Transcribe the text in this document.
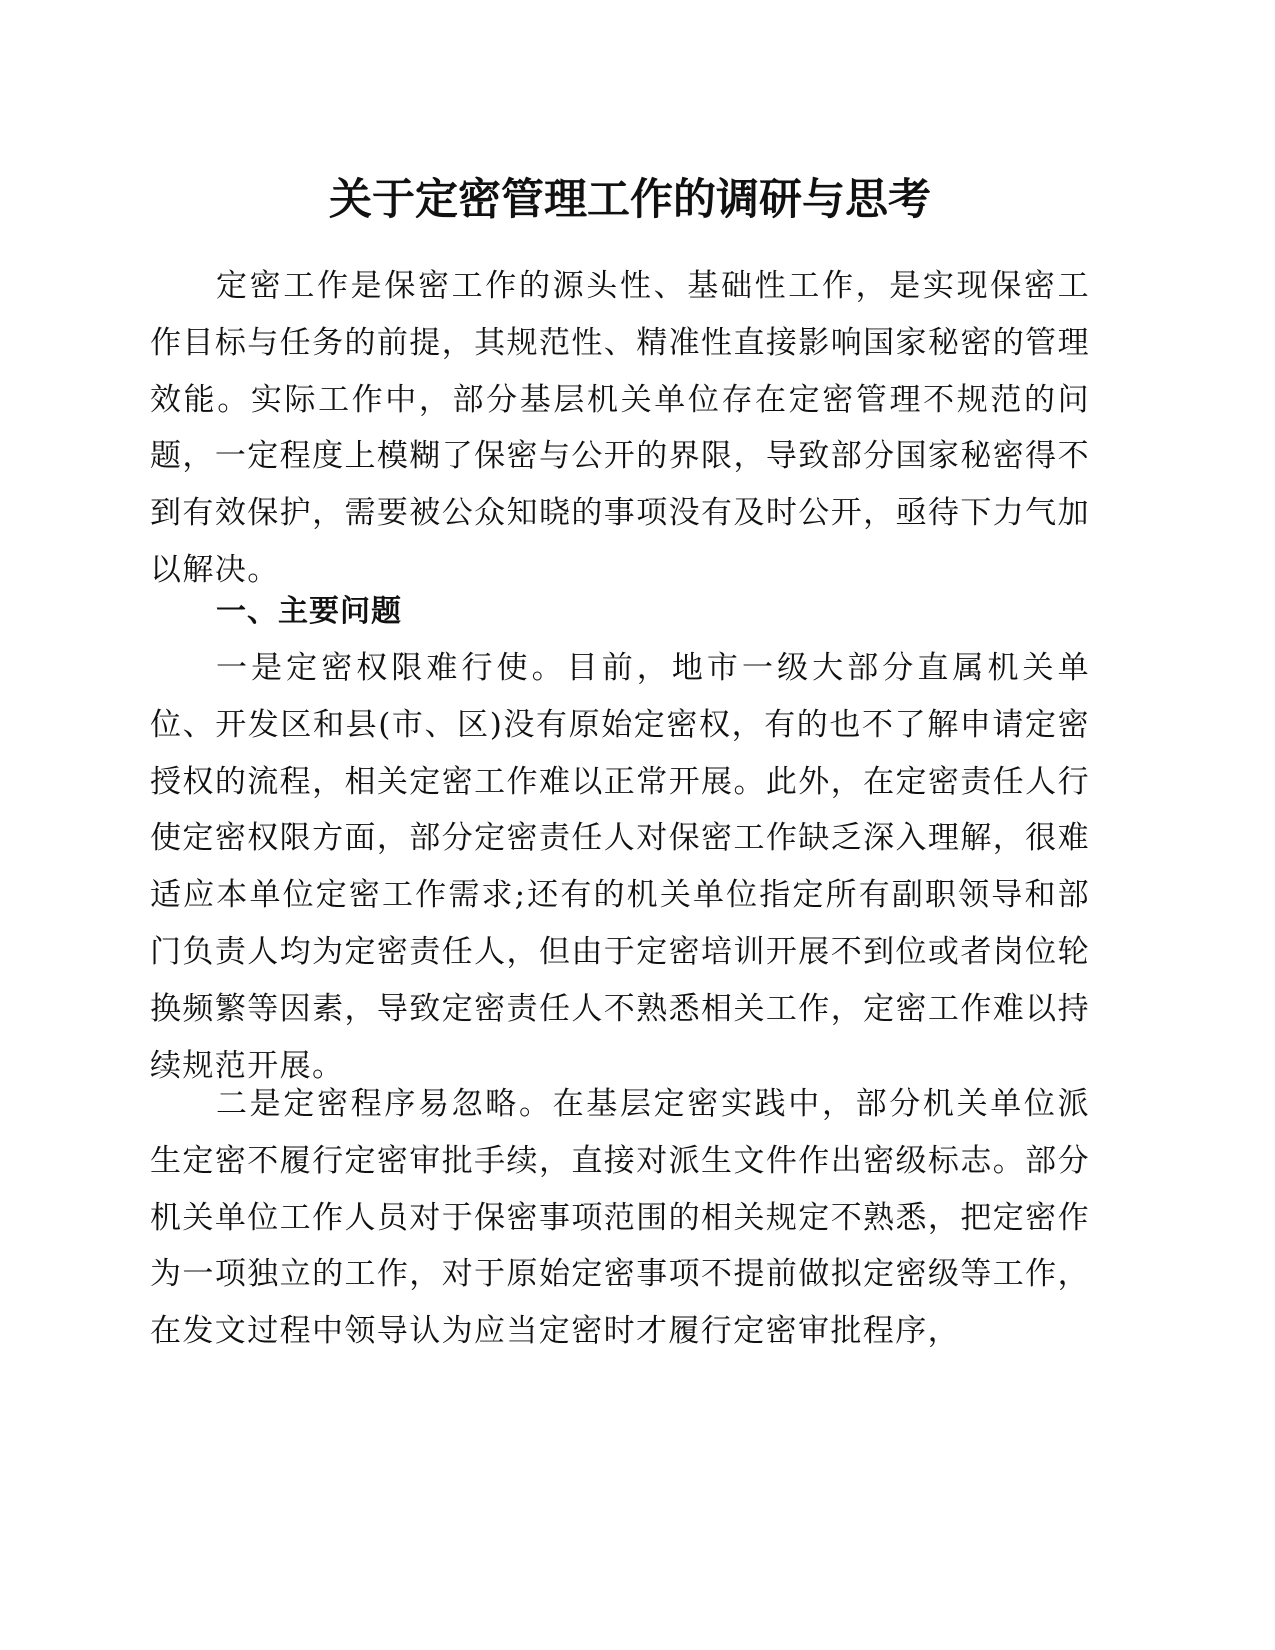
关于定密管理工作的调研与思考

定密工作是保密工作的源头性、基础性工作，是实现保密工作目标与任务的前提，其规范性、精准性直接影响国家秘密的管理效能。实际工作中，部分基层机关单位存在定密管理不规范的问题，一定程度上模糊了保密与公开的界限，导致部分国家秘密得不到有效保护，需要被公众知晓的事项没有及时公开，亟待下力气加以解决。

一、主要问题

一是定密权限难行使。目前，地市一级大部分直属机关单位、开发区和县(市、区)没有原始定密权，有的也不了解申请定密授权的流程，相关定密工作难以正常开展。此外，在定密责任人行使定密权限方面，部分定密责任人对保密工作缺乏深入理解，很难适应本单位定密工作需求;还有的机关单位指定所有副职领导和部门负责人均为定密责任人，但由于定密培训开展不到位或者岗位轮换频繁等因素，导致定密责任人不熟悉相关工作，定密工作难以持续规范开展。

二是定密程序易忽略。在基层定密实践中，部分机关单位派生定密不履行定密审批手续，直接对派生文件作出密级标志。部分机关单位工作人员对于保密事项范围的相关规定不熟悉，把定密作为一项独立的工作，对于原始定密事项不提前做拟定密级等工作，在发文过程中领导认为应当定密时才履行定密审批程序，
